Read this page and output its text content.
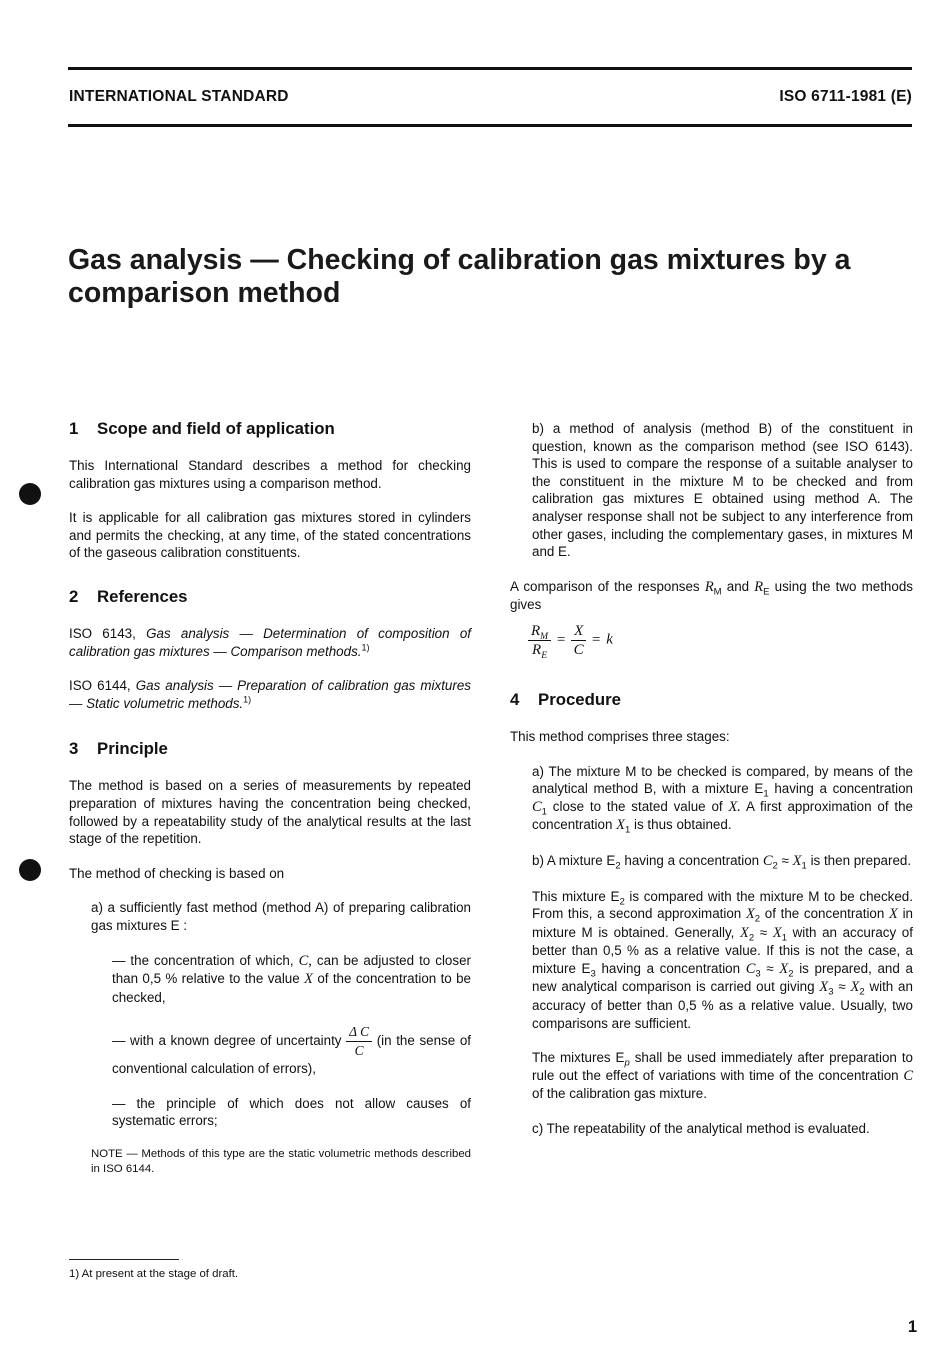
INTERNATIONAL STANDARD	ISO 6711-1981 (E)
Gas analysis — Checking of calibration gas mixtures by a comparison method
1 Scope and field of application

This International Standard describes a method for checking calibration gas mixtures using a comparison method.

It is applicable for all calibration gas mixtures stored in cylinders and permits the checking, at any time, of the stated concentrations of the gaseous calibration constituents.

2 References

ISO 6143, Gas analysis — Determination of composition of calibration gas mixtures — Comparison methods.$^{1)}$

ISO 6144, Gas analysis — Preparation of calibration gas mixtures — Static volumetric methods.$^{1)}$

3 Principle

The method is based on a series of measurements by repeated preparation of mixtures having the concentration being checked, followed by a repeatability study of the analytical results at the last stage of the repetition.

The method of checking is based on

a) a sufficiently fast method (method A) of preparing calibration gas mixtures E :

— the concentration of which, C, can be adjusted to closer than 0,5 % relative to the value X of the concentration to be checked,

— with a known degree of uncertainty $\frac{\text{Δ C}}{C} (in$ the sense of conventional calculation of errors),

— the principle of which does not allow causes of systematic errors;

NOTE — Methods of this type are the static volumetric methods described in ISO 6144.

b) a method of analysis (method B) of the constituent in question, known as the comparison method (see ISO 6143). This is used to compare the response of a suitable analyser to the constituent in the mixture M to be checked and from calibration gas mixtures E obtained using method A. The analyser response shall not be subject to any interference from other gases, including the complementary gases, in mixtures M and E.

A comparison of the responses $R_M$ and $R_E$ using the two methods gives

$\frac{R_M}{R_E} = \frac{X}{C} = k$
4 Procedure

This method comprises three stages:

a) The mixture M to be checked is compared, by means of the analytical method B, with a mixture $E_1$ having a concentration $C_1$ close to the stated value of X. A first approximation of the concentration $X_1$ is thus obtained.

b) A mixture $E_2$ having a concentration $C_2 \approx X_1$ is then prepared.

This mixture $E_2$ is compared with the mixture M to be checked. From this, a second approximation $X_2$ of the concentration X in mixture M is obtained. Generally, $X_2 \approx X_1$ with an accuracy of better than 0,5 % as a relative value. If this is not the case, a mixture $E_3$ having a concentration $C_3 \approx X_2$ is prepared, and a new analytical comparison is carried out giving $X_3 \approx X_2$ with an accuracy of better than 0,5 % as a relative value. Usually, two comparisons are sufficient.

The mixtures $E_p$ shall be used immediately after preparation to rule out the effect of variations with time of the concentration C of the calibration gas mixture.

c) The repeatability of the analytical method is evaluated.

1) At present at the stage of draft.
1
